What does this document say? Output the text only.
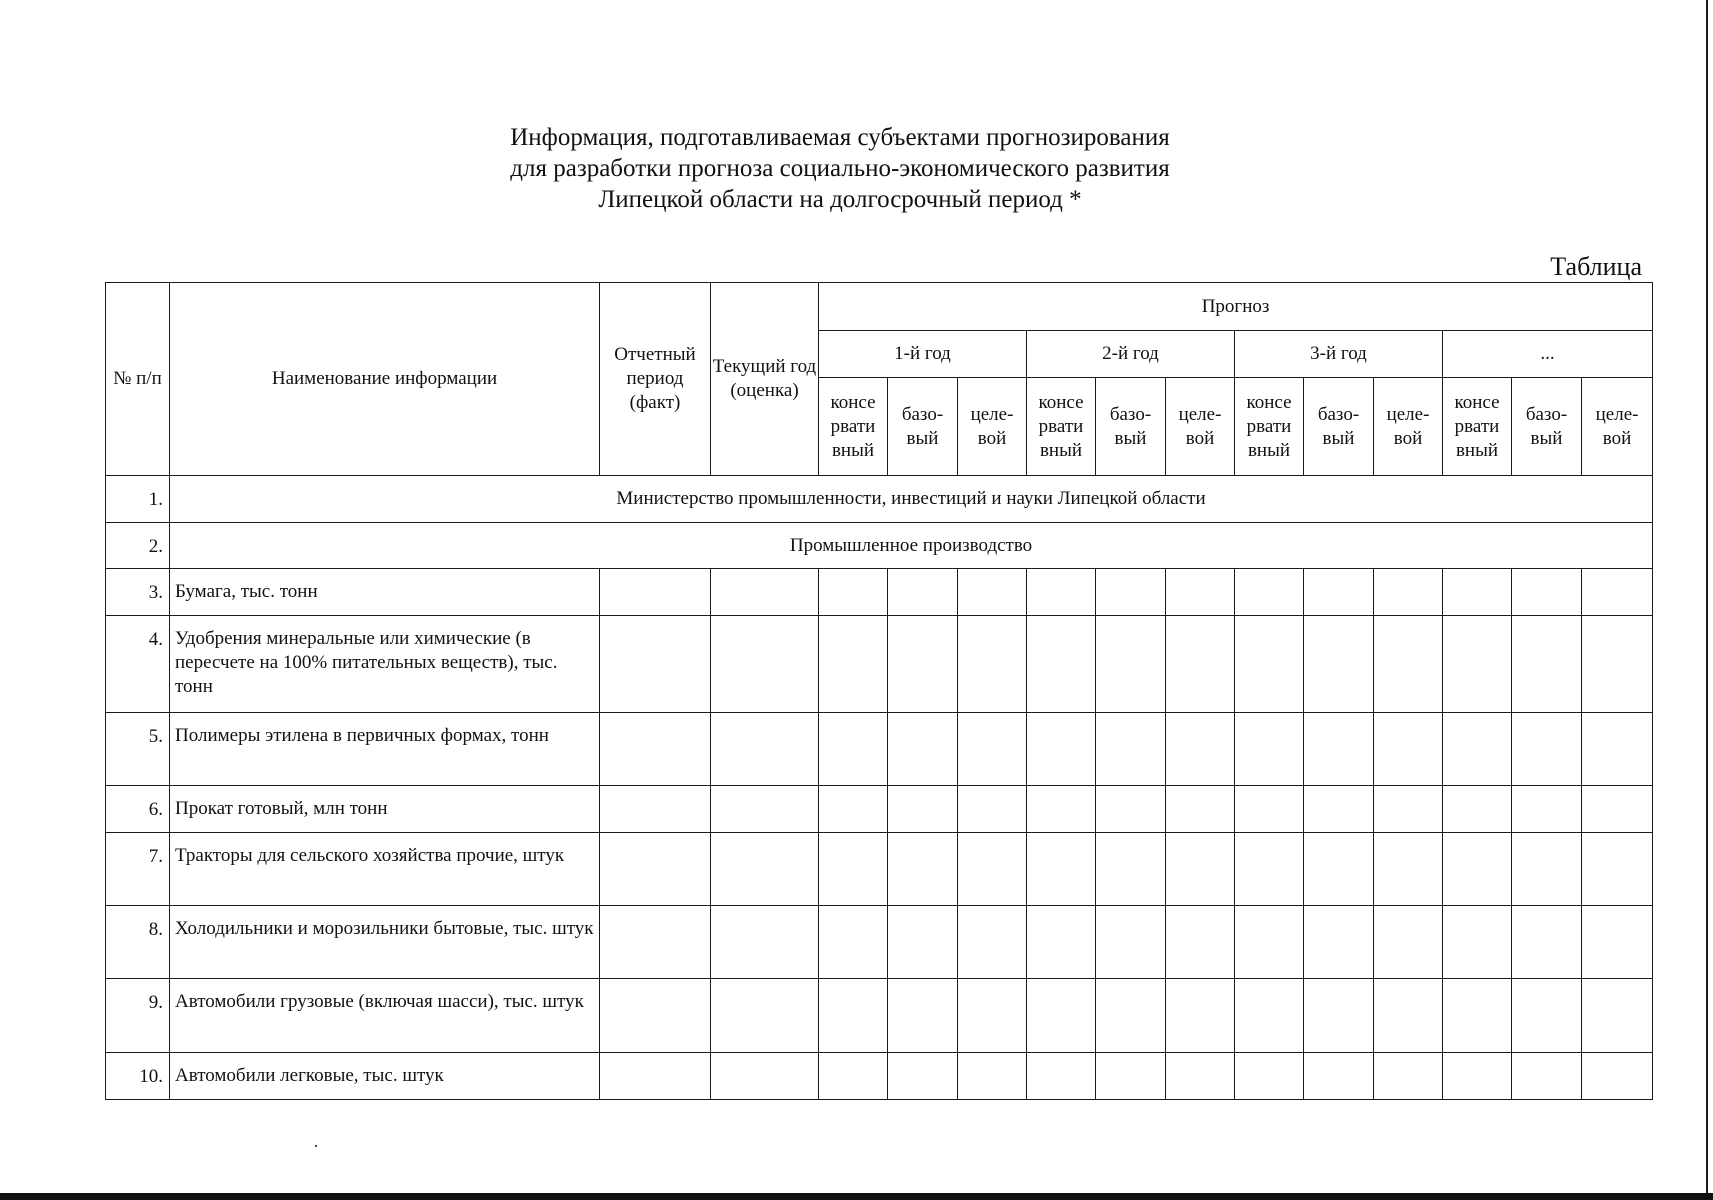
Информация, подготавливаемая субъектами прогнозирования
для разработки прогноза социально-экономического развития
Липецкой области на долгосрочный период *
Таблица
№ п/п	Наименование информации	Отчетный период (факт)	Текущий год (оценка)	Прогноз											
				1-й год			2-й год			3-й год			...		
				консе рвати вный	базо- вый	целе- вой	консе рвати вный	базо- вый	целе- вой	консе рвати вный	базо- вый	целе- вой	консе рвати вный	базо- вый	целе- вой
1.	Министерство промышленности, инвестиций и науки Липецкой области														
2.	Промышленное производство														
3.	Бумага, тыс. тонн														
4.	Удобрения минеральные или химические (в пересчете на 100% питательных веществ), тыс. тонн														
5.	Полимеры этилена в первичных формах, тонн														
6.	Прокат готовый, млн тонн														
7.	Тракторы для сельского хозяйства прочие, штук														
8.	Холодильники и морозильники бытовые, тыс. штук														
9.	Автомобили грузовые (включая шасси), тыс. штук														
10.	Автомобили легковые, тыс. штук														
